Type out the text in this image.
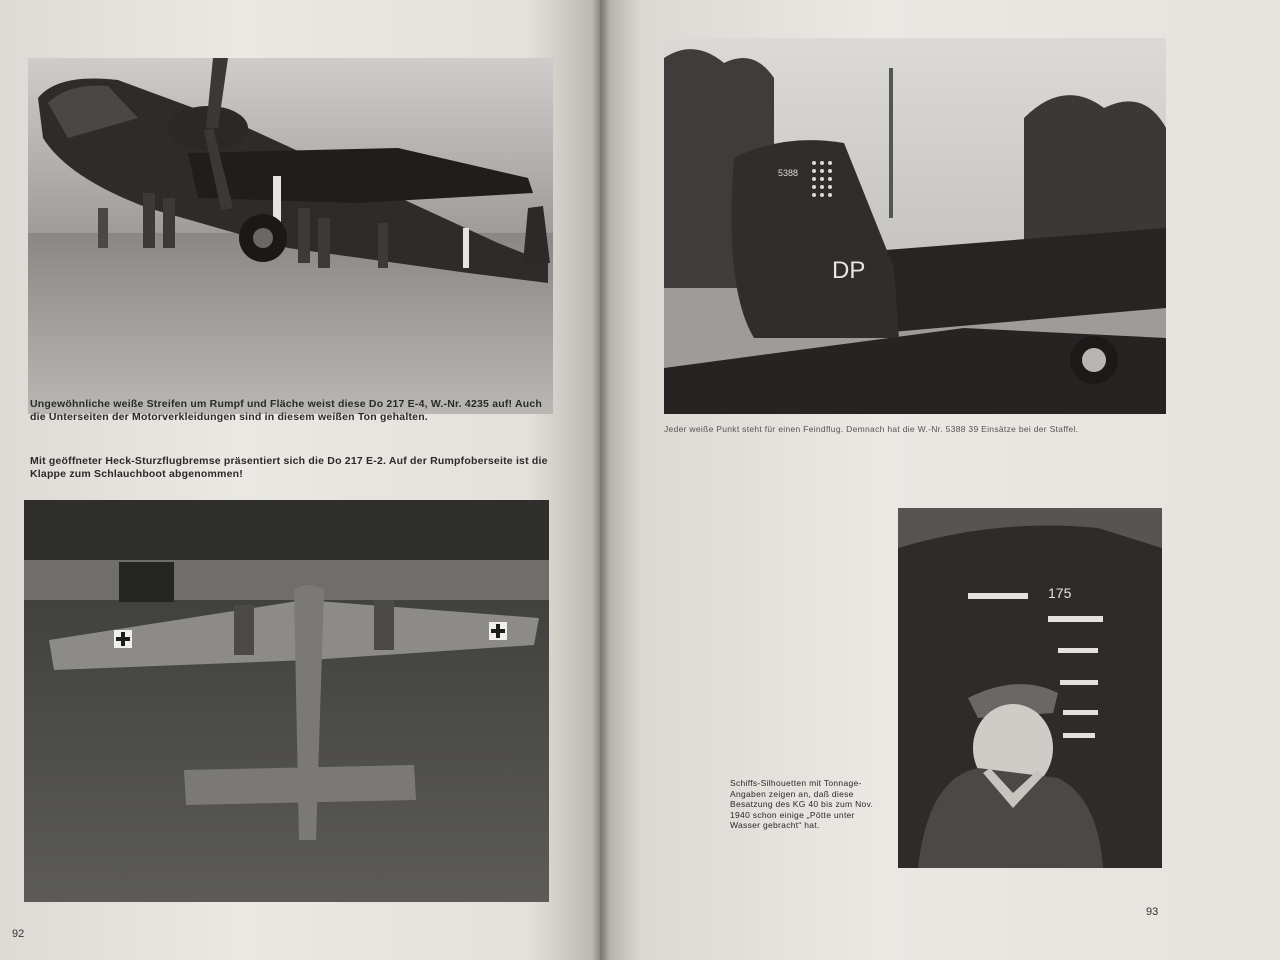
Ungewöhnliche weiße Streifen um Rumpf und Fläche weist diese Do 217 E-4, W.-Nr. 4235 auf! Auch die Unterseiten der Motorverkleidungen sind in diesem weißen Ton gehalten.

Mit geöffneter Heck-Sturzflugbremse präsentiert sich die Do 217 E-2. Auf der Rumpfoberseite ist die Klappe zum Schlauchboot abgenommen!

92
5388
DP

Jeder weiße Punkt steht für einen Feindflug. Demnach hat die W.-Nr. 5388 39 Einsätze bei der Staffel.

175

Schiffs-Silhouetten mit Tonnage-Angaben zeigen an, daß diese Besatzung des KG 40 bis zum Nov. 1940 schon einige „Pötte unter Wasser gebracht“ hat.

93
